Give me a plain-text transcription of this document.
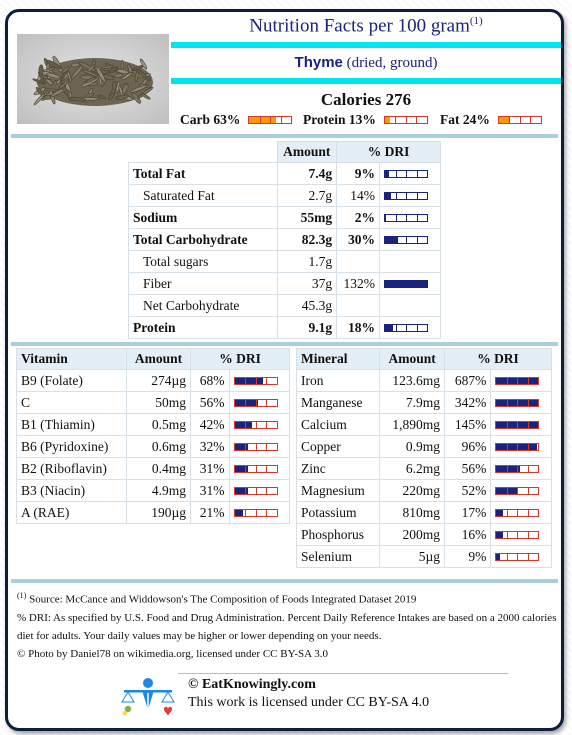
Nutrition Facts per 100 gram$^{(1)}$
Thyme (dried, ground)
Calories 276
Carb 63%	Protein 13%	Fat 24%
	Amount	% DRI	
Total Fat	7.4g	9%	

Saturated Fat	2.7g	14%	

Sodium	55mg	2%	

Total Carbohydrate	82.3g	30%	

Total sugars	1.7g		
Fiber	37g	132%	

Net Carbohydrate	45.3g		
Protein	9.1g	18%	
Vitamin	Amount	% DRI	
B9 (Folate)	274µg	68%	

C	50mg	56%	

B1 (Thiamin)	0.5mg	42%	

B6 (Pyridoxine)	0.6mg	32%	

B2 (Riboflavin)	0.4mg	31%	

B3 (Niacin)	4.9mg	31%	

A (RAE)	190µg	21%	
Mineral	Amount	% DRI	
Iron	123.6mg	687%	

Manganese	7.9mg	342%	

Calcium	1,890mg	145%	

Copper	0.9mg	96%	

Zinc	6.2mg	56%	

Magnesium	220mg	52%	

Potassium	810mg	17%	

Phosphorus	200mg	16%	

Selenium	5µg	9%	
$^{(1)}$ Source: McCance and Widdowson's The Composition of Foods Integrated Dataset 2019
% DRI: As specified by U.S. Food and Drug Administration. Percent Daily Reference Intakes are based on a 2000 calories diet for adults. Your daily values may be higher or lower depending on your needs.
© Photo by Daniel78 on wikimedia.org, licensed under CC BY-SA 3.0
© EatKnowingly.com
This work is licensed under CC BY-SA 4.0
